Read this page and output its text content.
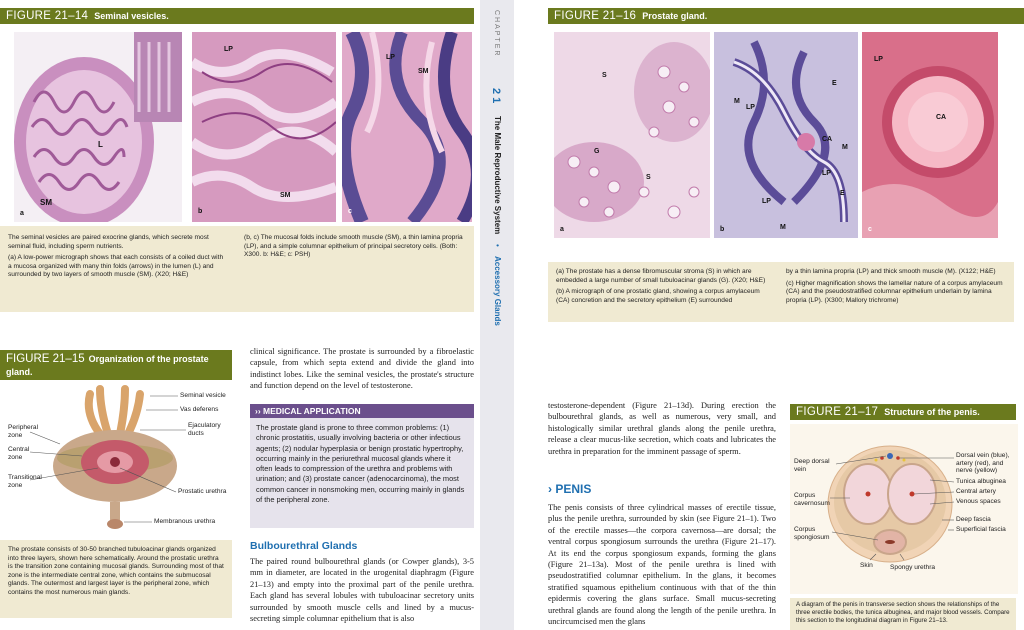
FIGURE 21–14 Seminal vesicles.
L
SM
a
LP
SM
b
LP
SM
c

The seminal vesicles are paired exocrine glands, which secrete most seminal fluid, including sperm nutrients.

(a) A low-power micrograph shows that each consists of a coiled duct with a mucosa organized with many thin folds (arrows) in the lumen (L) and surrounded by two layers of smooth muscle (SM). (X20; H&E)

(b, c) The mucosal folds include smooth muscle (SM), a thin lamina propria (LP), and a simple columnar epithelium of principal secretory cells. (Both: X300. b: H&E; c: PSH)

FIGURE 21–15 Organization of the prostate gland.
Seminal vesicle
Vas deferens
Ejaculatory ducts
Peripheral zone
Central zone
Transitional zone
Prostatic urethra
Membranous urethra

The prostate consists of 30-50 branched tubuloacinar glands organized into three layers, shown here schematically. Around the prostatic urethra is the transition zone containing mucosal glands. Surrounding most of that zone is the intermediate central zone, which contains the submucosal glands. The outermost and largest layer is the peripheral zone, which contains the most numerous main glands.

clinical significance. The prostate is surrounded by a fibroelastic capsule, from which septa extend and divide the gland into indistinct lobes. Like the seminal vesicles, the prostate's structure and function depend on the level of testosterone.
›› MEDICAL APPLICATION
The prostate gland is prone to three common problems: (1) chronic prostatitis, usually involving bacteria or other infectious agents; (2) nodular hyperplasia or benign prostatic hypertrophy, occurring mainly in the periurethral mucosal glands where it often leads to compression of the urethra and problems with urination; and (3) prostate cancer (adenocarcinoma), the most common cancer in nonsmoking men, occurring mainly in glands of the peripheral zone.
Bulbourethral Glands
The paired round bulbourethral glands (or Cowper glands), 3-5 mm in diameter, are located in the urogenital diaphragm (Figure 21–13) and empty into the proximal part of the penile urethra. Each gland has several lobules with tubuloacinar secretory units surrounded by smooth muscle cells and lined by a mucus-secreting simple columnar epithelium that is also
CHAPTER
21
The Male Reproductive System
•
Accessory Glands
FIGURE 21–16 Prostate gland.
S
G
S
a
M
LP
E
CA
M
LP
E
LP
M
b
LP
CA
c

(a) The prostate has a dense fibromuscular stroma (S) in which are embedded a large number of small tubuloacinar glands (G). (X20; H&E)

(b) A micrograph of one prostatic gland, showing a corpus amylaceum (CA) concretion and the secretory epithelium (E) surrounded

by a thin lamina propria (LP) and thick smooth muscle (M). (X122; H&E)

(c) Higher magnification shows the lamellar nature of a corpus amylaceum (CA) and the pseudostratified columnar epithelium underlain by lamina propria (LP). (X300; Mallory trichrome)

testosterone-dependent (Figure 21–13d). During erection the bulbourethral glands, as well as numerous, very small, and histologically similar urethral glands along the penile urethra, release a clear mucus-like secretion, which coats and lubricates the urethra in preparation for the imminent passage of sperm.
› PENIS
The penis consists of three cylindrical masses of erectile tissue, plus the penile urethra, surrounded by skin (see Figure 21–1). Two of the erectile masses—the corpora cavernosa—are dorsal; the ventral corpus spongiosum surrounds the urethra (Figure 21–17). At its end the corpus spongiosum expands, forming the glans (Figure 21–13a). Most of the penile urethra is lined with pseudostratified columnar epithelium. In the glans, it becomes stratified squamous epithelium continuous with that of the thin epidermis covering the glans surface. Small mucus-secreting urethral glands are found along the length of the penile urethra. In uncircumcised men the glans
FIGURE 21–17 Structure of the penis.
Deep dorsal vein
Corpus cavernosum
Corpus spongiosum
Skin	Spongy urethra
Dorsal vein (blue), artery (red), and nerve (yellow)
Tunica albuginea
Central artery
Venous spaces
Deep fascia
Superficial fascia

A diagram of the penis in transverse section shows the relationships of the three erectile bodies, the tunica albuginea, and major blood vessels. Compare this section to the longitudinal diagram in Figure 21–13.
